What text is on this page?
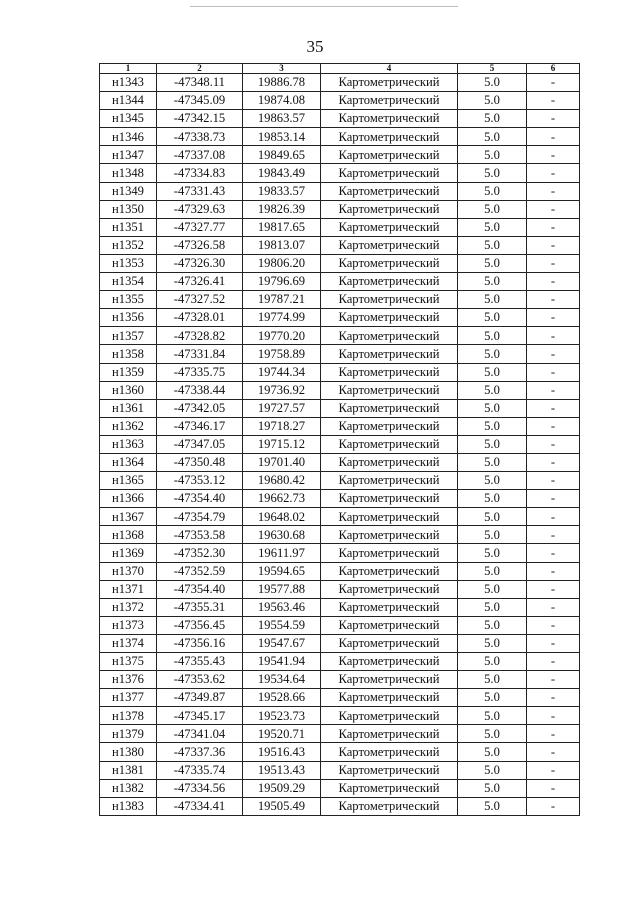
35
1	2	3	4	5	6
н1343	-47348.11	19886.78	Картометрический	5.0	-
н1344	-47345.09	19874.08	Картометрический	5.0	-
н1345	-47342.15	19863.57	Картометрический	5.0	-
н1346	-47338.73	19853.14	Картометрический	5.0	-
н1347	-47337.08	19849.65	Картометрический	5.0	-
н1348	-47334.83	19843.49	Картометрический	5.0	-
н1349	-47331.43	19833.57	Картометрический	5.0	-
н1350	-47329.63	19826.39	Картометрический	5.0	-
н1351	-47327.77	19817.65	Картометрический	5.0	-
н1352	-47326.58	19813.07	Картометрический	5.0	-
н1353	-47326.30	19806.20	Картометрический	5.0	-
н1354	-47326.41	19796.69	Картометрический	5.0	-
н1355	-47327.52	19787.21	Картометрический	5.0	-
н1356	-47328.01	19774.99	Картометрический	5.0	-
н1357	-47328.82	19770.20	Картометрический	5.0	-
н1358	-47331.84	19758.89	Картометрический	5.0	-
н1359	-47335.75	19744.34	Картометрический	5.0	-
н1360	-47338.44	19736.92	Картометрический	5.0	-
н1361	-47342.05	19727.57	Картометрический	5.0	-
н1362	-47346.17	19718.27	Картометрический	5.0	-
н1363	-47347.05	19715.12	Картометрический	5.0	-
н1364	-47350.48	19701.40	Картометрический	5.0	-
н1365	-47353.12	19680.42	Картометрический	5.0	-
н1366	-47354.40	19662.73	Картометрический	5.0	-
н1367	-47354.79	19648.02	Картометрический	5.0	-
н1368	-47353.58	19630.68	Картометрический	5.0	-
н1369	-47352.30	19611.97	Картометрический	5.0	-
н1370	-47352.59	19594.65	Картометрический	5.0	-
н1371	-47354.40	19577.88	Картометрический	5.0	-
н1372	-47355.31	19563.46	Картометрический	5.0	-
н1373	-47356.45	19554.59	Картометрический	5.0	-
н1374	-47356.16	19547.67	Картометрический	5.0	-
н1375	-47355.43	19541.94	Картометрический	5.0	-
н1376	-47353.62	19534.64	Картометрический	5.0	-
н1377	-47349.87	19528.66	Картометрический	5.0	-
н1378	-47345.17	19523.73	Картометрический	5.0	-
н1379	-47341.04	19520.71	Картометрический	5.0	-
н1380	-47337.36	19516.43	Картометрический	5.0	-
н1381	-47335.74	19513.43	Картометрический	5.0	-
н1382	-47334.56	19509.29	Картометрический	5.0	-
н1383	-47334.41	19505.49	Картометрический	5.0	-
